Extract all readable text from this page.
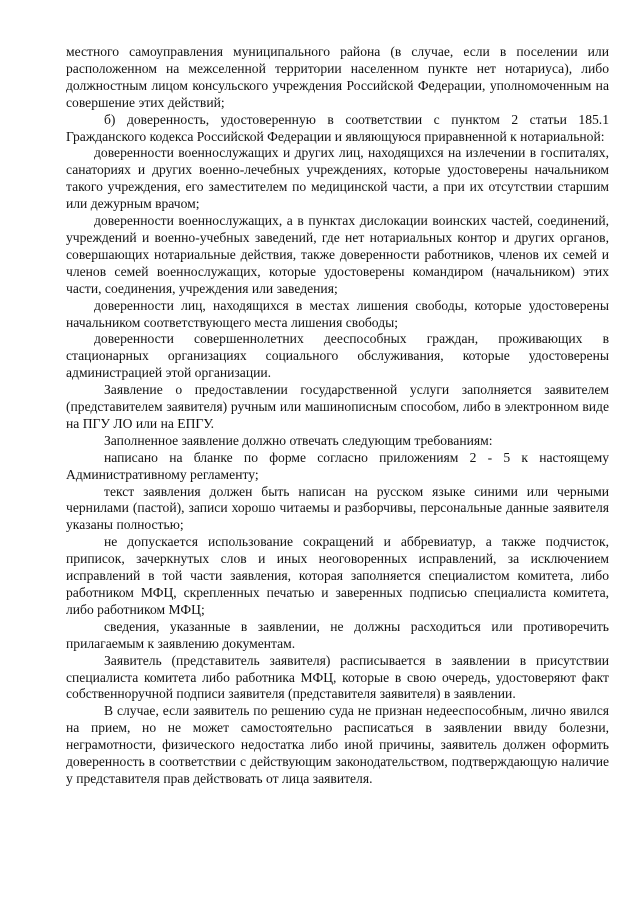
местного самоуправления муниципального района (в случае, если в поселении или расположенном на межселенной территории населенном пункте нет нотариуса), либо должностным лицом консульского учреждения Российской Федерации, уполномоченным на совершение этих действий;

б) доверенность, удостоверенную в соответствии с пунктом 2 статьи 185.1 Гражданского кодекса Российской Федерации и являющуюся приравненной к нотариальной:

доверенности военнослужащих и других лиц, находящихся на излечении в госпиталях, санаториях и других военно-лечебных учреждениях, которые удостоверены начальником такого учреждения, его заместителем по медицинской части, а при их отсутствии старшим или дежурным врачом;

доверенности военнослужащих, а в пунктах дислокации воинских частей, соединений, учреждений и военно-учебных заведений, где нет нотариальных контор и других органов, совершающих нотариальные действия, также доверенности работников, членов их семей и членов семей военнослужащих, которые удостоверены командиром (начальником) этих части, соединения, учреждения или заведения;

доверенности лиц, находящихся в местах лишения свободы, которые удостоверены начальником соответствующего места лишения свободы;

доверенности совершеннолетних дееспособных граждан, проживающих в стационарных организациях социального обслуживания, которые удостоверены администрацией этой организации.

Заявление о предоставлении государственной услуги заполняется заявителем (представителем заявителя) ручным или машинописным способом, либо в электронном виде на ПГУ ЛО или на ЕПГУ.

Заполненное заявление должно отвечать следующим требованиям:

написано на бланке по форме согласно приложениям 2 - 5 к настоящему Административному регламенту;

текст заявления должен быть написан на русском языке синими или черными чернилами (пастой), записи хорошо читаемы и разборчивы, персональные данные заявителя указаны полностью;

не допускается использование сокращений и аббревиатур, а также подчисток, приписок, зачеркнутых слов и иных неоговоренных исправлений, за исключением исправлений в той части заявления, которая заполняется специалистом комитета, либо работником МФЦ, скрепленных печатью и заверенных подписью специалиста комитета, либо работником МФЦ;

сведения, указанные в заявлении, не должны расходиться или противоречить прилагаемым к заявлению документам.

Заявитель (представитель заявителя) расписывается в заявлении в присутствии специалиста комитета либо работника МФЦ, которые в свою очередь, удостоверяют факт собственноручной подписи заявителя (представителя заявителя) в заявлении.

В случае, если заявитель по решению суда не признан недееспособным, лично явился на прием, но не может самостоятельно расписаться в заявлении ввиду болезни, неграмотности, физического недостатка либо иной причины, заявитель должен оформить доверенность в соответствии с действующим законодательством, подтверждающую наличие у представителя прав действовать от лица заявителя.
